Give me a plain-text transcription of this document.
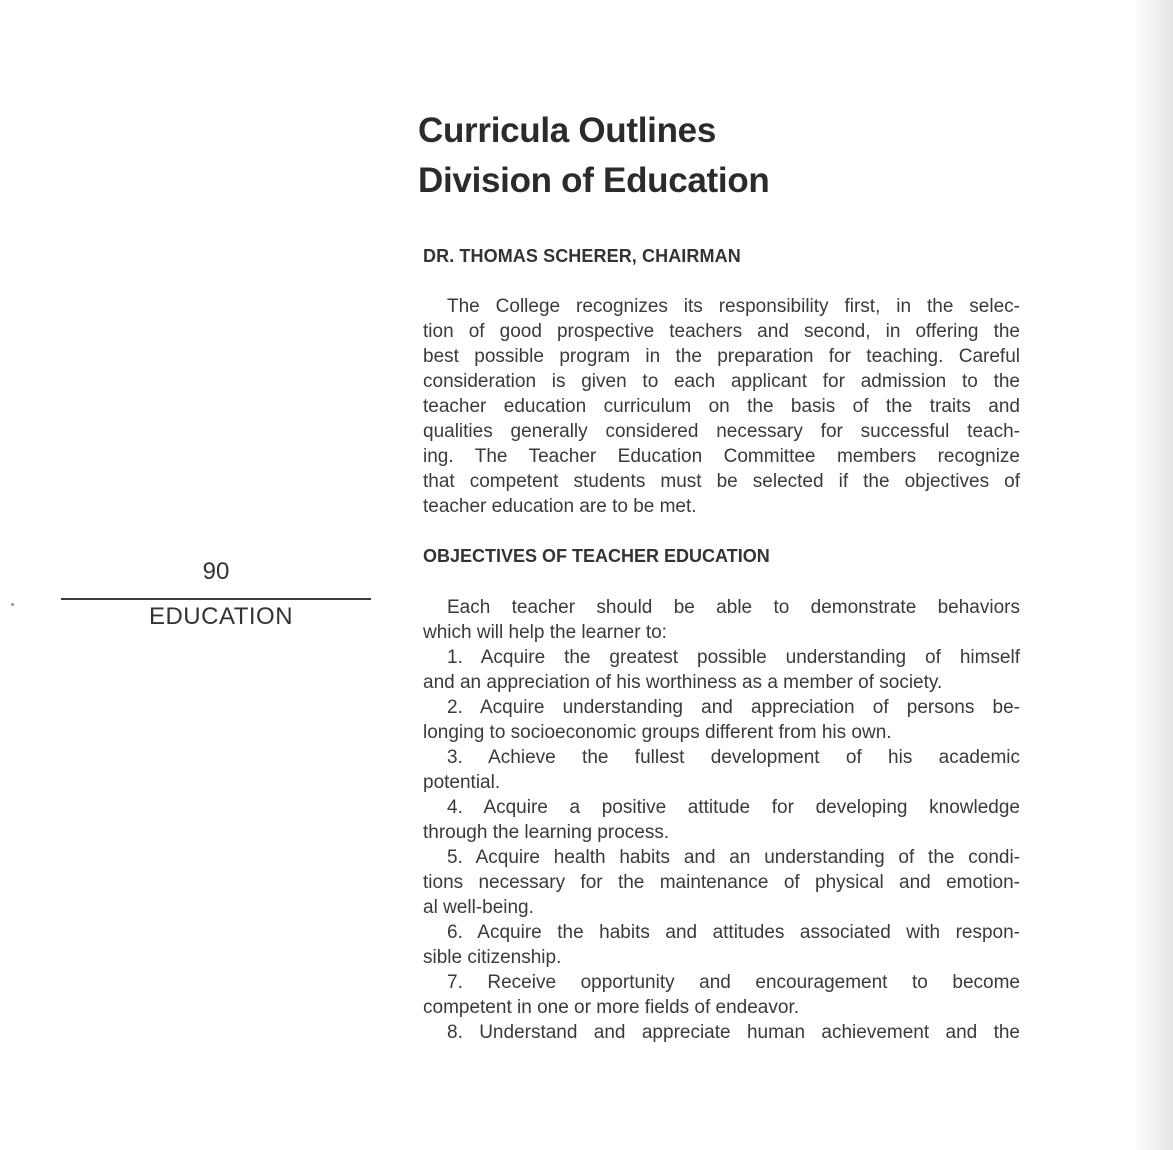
Curricula Outlines
Division of Education
DR. THOMAS SCHERER, CHAIRMAN
The College recognizes its responsibility first, in the selec-
tion of good prospective teachers and second, in offering the
best possible program in the preparation for teaching. Careful
consideration is given to each applicant for admission to the
teacher education curriculum on the basis of the traits and
qualities generally considered necessary for successful teach-
ing. The Teacher Education Committee members recognize
that competent students must be selected if the objectives of
teacher education are to be met.
OBJECTIVES OF TEACHER EDUCATION
Each teacher should be able to demonstrate behaviors
which will help the learner to:
1. Acquire the greatest possible understanding of himself
and an appreciation of his worthiness as a member of society.
2. Acquire understanding and appreciation of persons be-
longing to socioeconomic groups different from his own.
3. Achieve the fullest development of his academic
potential.
4. Acquire a positive attitude for developing knowledge
through the learning process.
5. Acquire health habits and an understanding of the condi-
tions necessary for the maintenance of physical and emotion-
al well-being.
6. Acquire the habits and attitudes associated with respon-
sible citizenship.
7. Receive opportunity and encouragement to become
competent in one or more fields of endeavor.
8. Understand and appreciate human achievement and the
90
EDUCATION
